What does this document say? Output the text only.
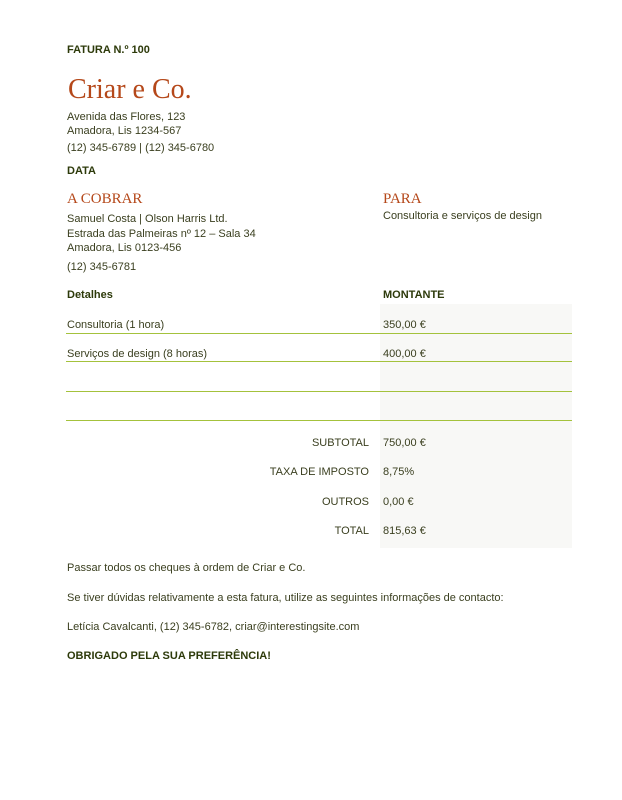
FATURA N.º 100
Criar e Co.
Avenida das Flores, 123
Amadora, Lis 1234-567
(12) 345-6789 | (12) 345-6780
DATA
A COBRAR
Samuel Costa | Olson Harris Ltd.
Estrada das Palmeiras nº 12 – Sala 34
Amadora, Lis 0123-456
(12) 345-6781
PARA
Consultoria e serviços de design
Detalhes	MONTANTE
Consultoria (1 hora)	350,00 €
Serviços de design (8 horas)	400,00 €
SUBTOTAL 750,00 €
TAXA DE IMPOSTO 8,75%
OUTROS 0,00 €
TOTAL 815,63 €
Passar todos os cheques à ordem de Criar e Co.
Se tiver dúvidas relativamente a esta fatura, utilize as seguintes informações de contacto:
Letícia Cavalcanti, (12) 345-6782, criar@interestingsite.com
OBRIGADO PELA SUA PREFERÊNCIA!
